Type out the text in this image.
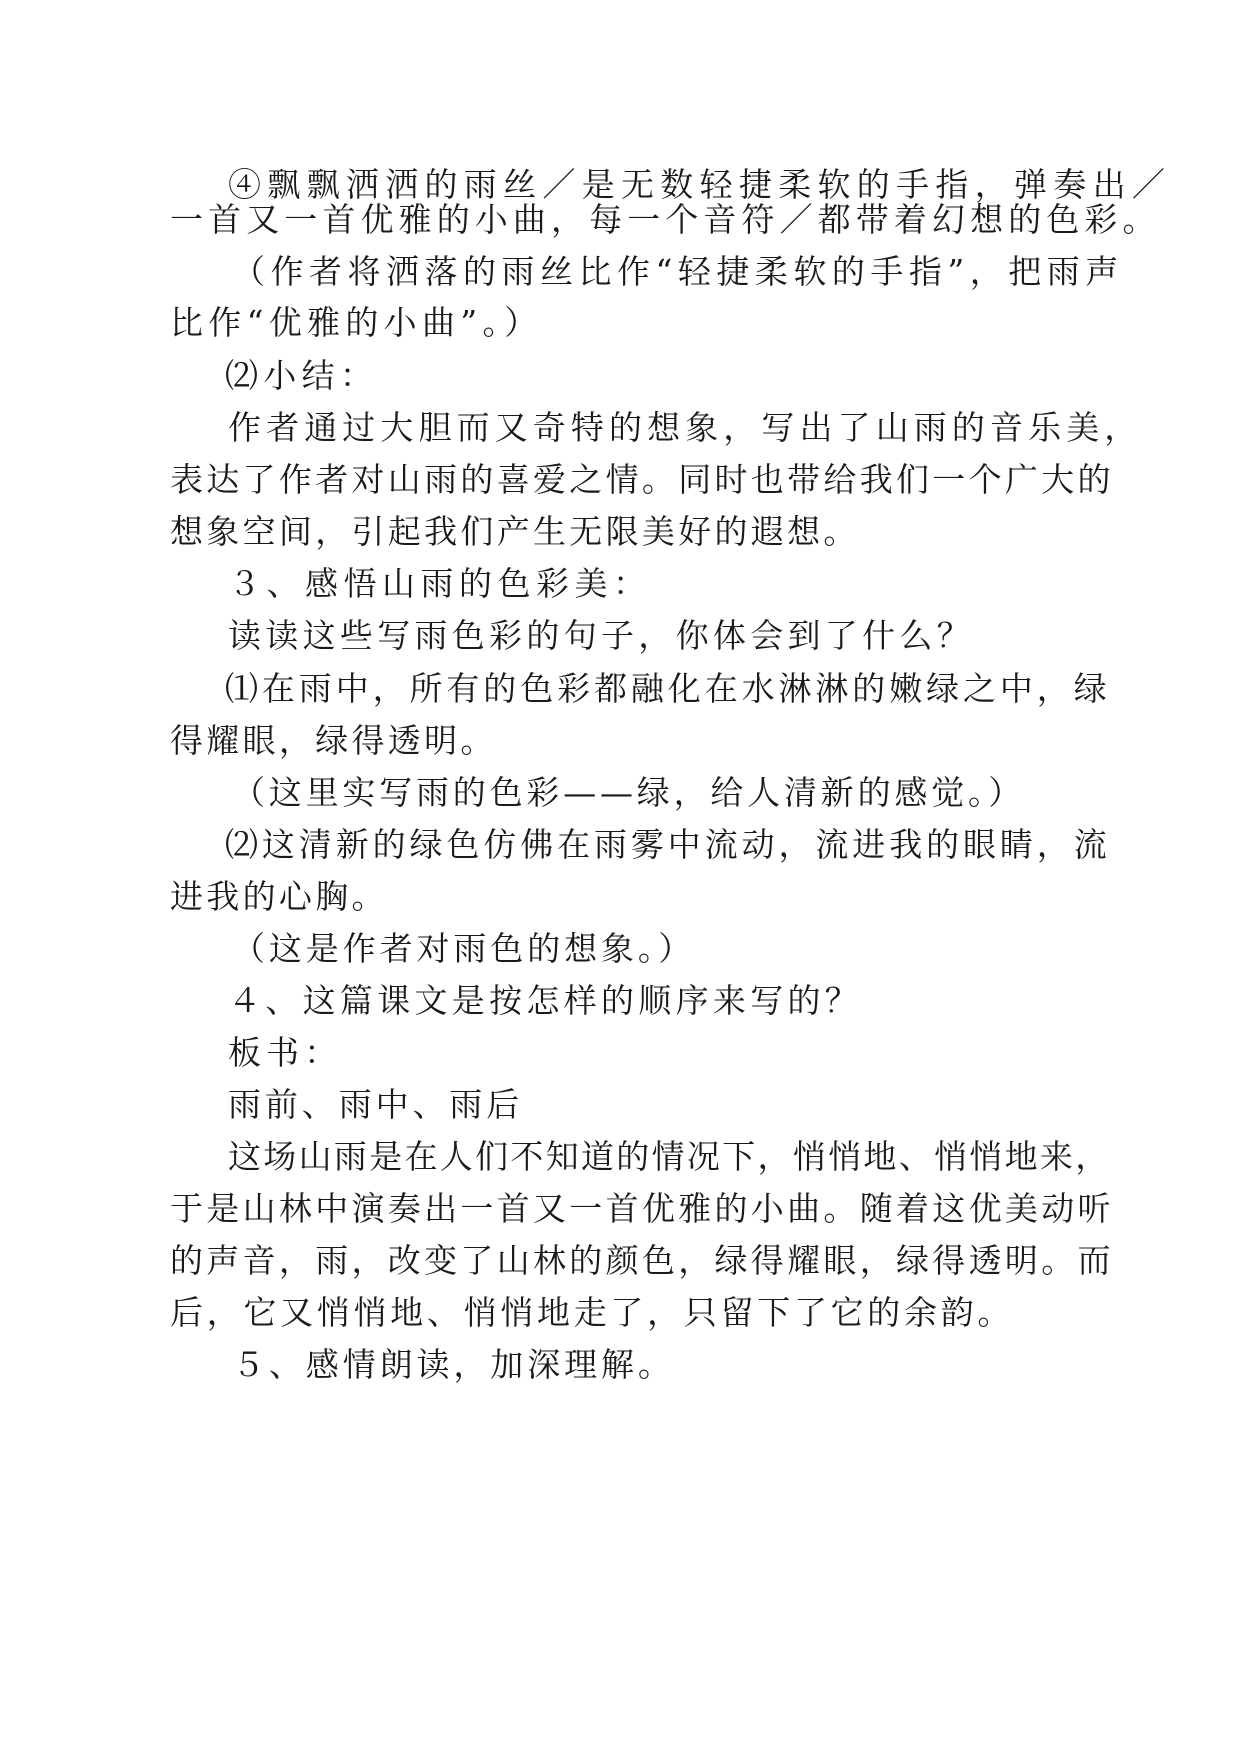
④飘飘洒洒的雨丝／是无数轻捷柔软的手指，弹奏出／
一首又一首优雅的小曲，每一个音符／都带着幻想的色彩。
（作者将洒落的雨丝比作“轻捷柔软的手指”，把雨声
比作“优雅的小曲”。）
⑵小结：
作者通过大胆而又奇特的想象，写出了山雨的音乐美，
表达了作者对山雨的喜爱之情。同时也带给我们一个广大的
想象空间，引起我们产生无限美好的遐想。
３、感悟山雨的色彩美：
读读这些写雨色彩的句子，你体会到了什么？
⑴在雨中，所有的色彩都融化在水淋淋的嫩绿之中，绿
得耀眼，绿得透明。
（这里实写雨的色彩——绿，给人清新的感觉。）
⑵这清新的绿色仿佛在雨雾中流动，流进我的眼睛，流
进我的心胸。
（这是作者对雨色的想象。）
４、这篇课文是按怎样的顺序来写的？
板书：
雨前、雨中、雨后
这场山雨是在人们不知道的情况下，悄悄地、悄悄地来，
于是山林中演奏出一首又一首优雅的小曲。随着这优美动听
的声音，雨，改变了山林的颜色，绿得耀眼，绿得透明。而
后，它又悄悄地、悄悄地走了，只留下了它的余韵。
５、感情朗读，加深理解。
